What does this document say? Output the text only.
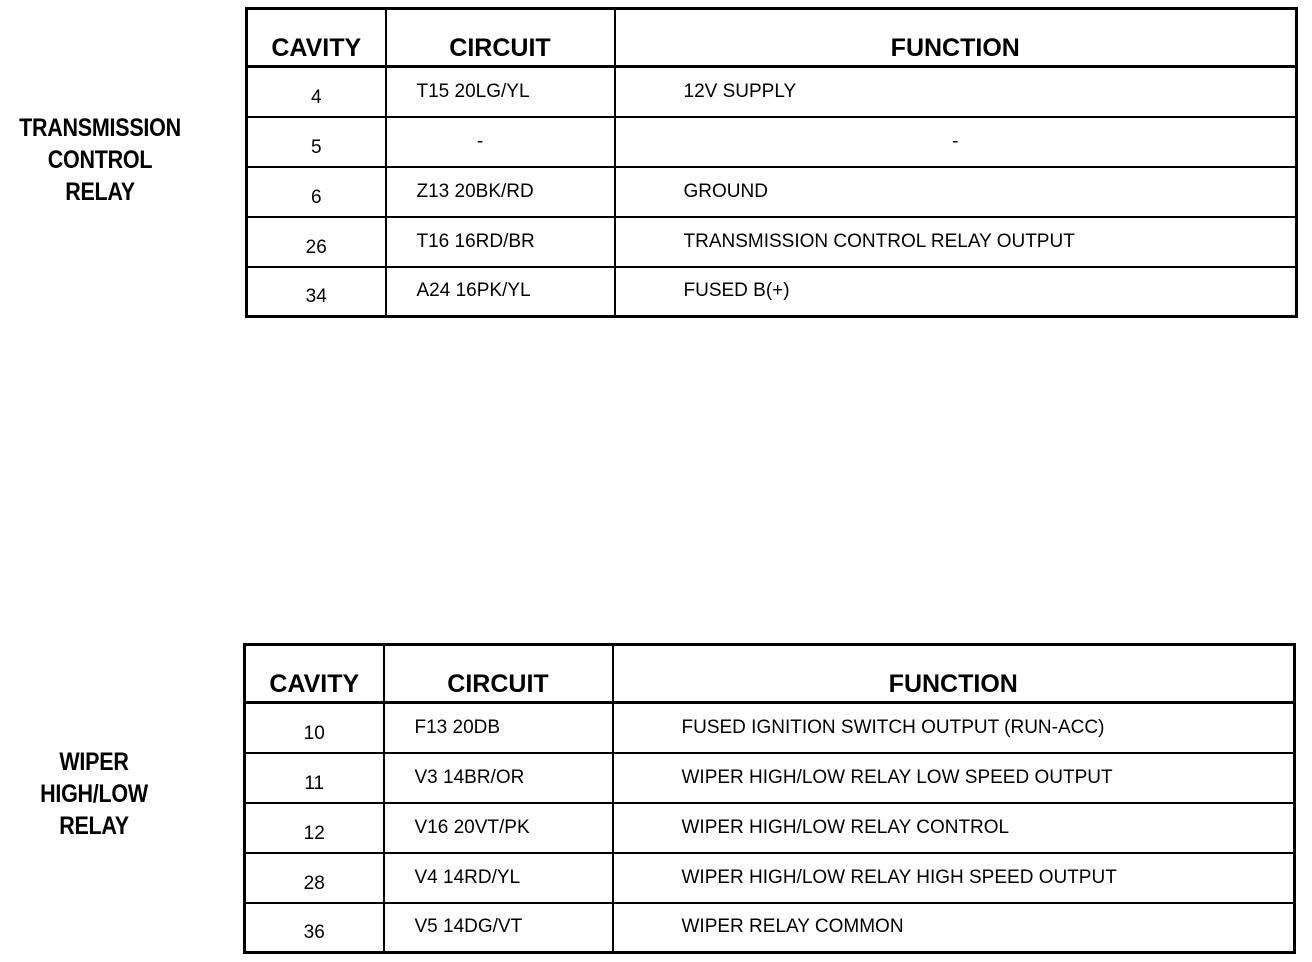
TRANSMISSION
CONTROL
RELAY
CAVITY	CIRCUIT	FUNCTION
4	T15 20LG/YL	12V SUPPLY
5	-	-
6	Z13 20BK/RD	GROUND
26	T16 16RD/BR	TRANSMISSION CONTROL RELAY OUTPUT
34	A24 16PK/YL	FUSED B(+)
WIPER
HIGH/LOW
RELAY
CAVITY	CIRCUIT	FUNCTION
10	F13 20DB	FUSED IGNITION SWITCH OUTPUT (RUN-ACC)
11	V3 14BR/OR	WIPER HIGH/LOW RELAY LOW SPEED OUTPUT
12	V16 20VT/PK	WIPER HIGH/LOW RELAY CONTROL
28	V4 14RD/YL	WIPER HIGH/LOW RELAY HIGH SPEED OUTPUT
36	V5 14DG/VT	WIPER RELAY COMMON
